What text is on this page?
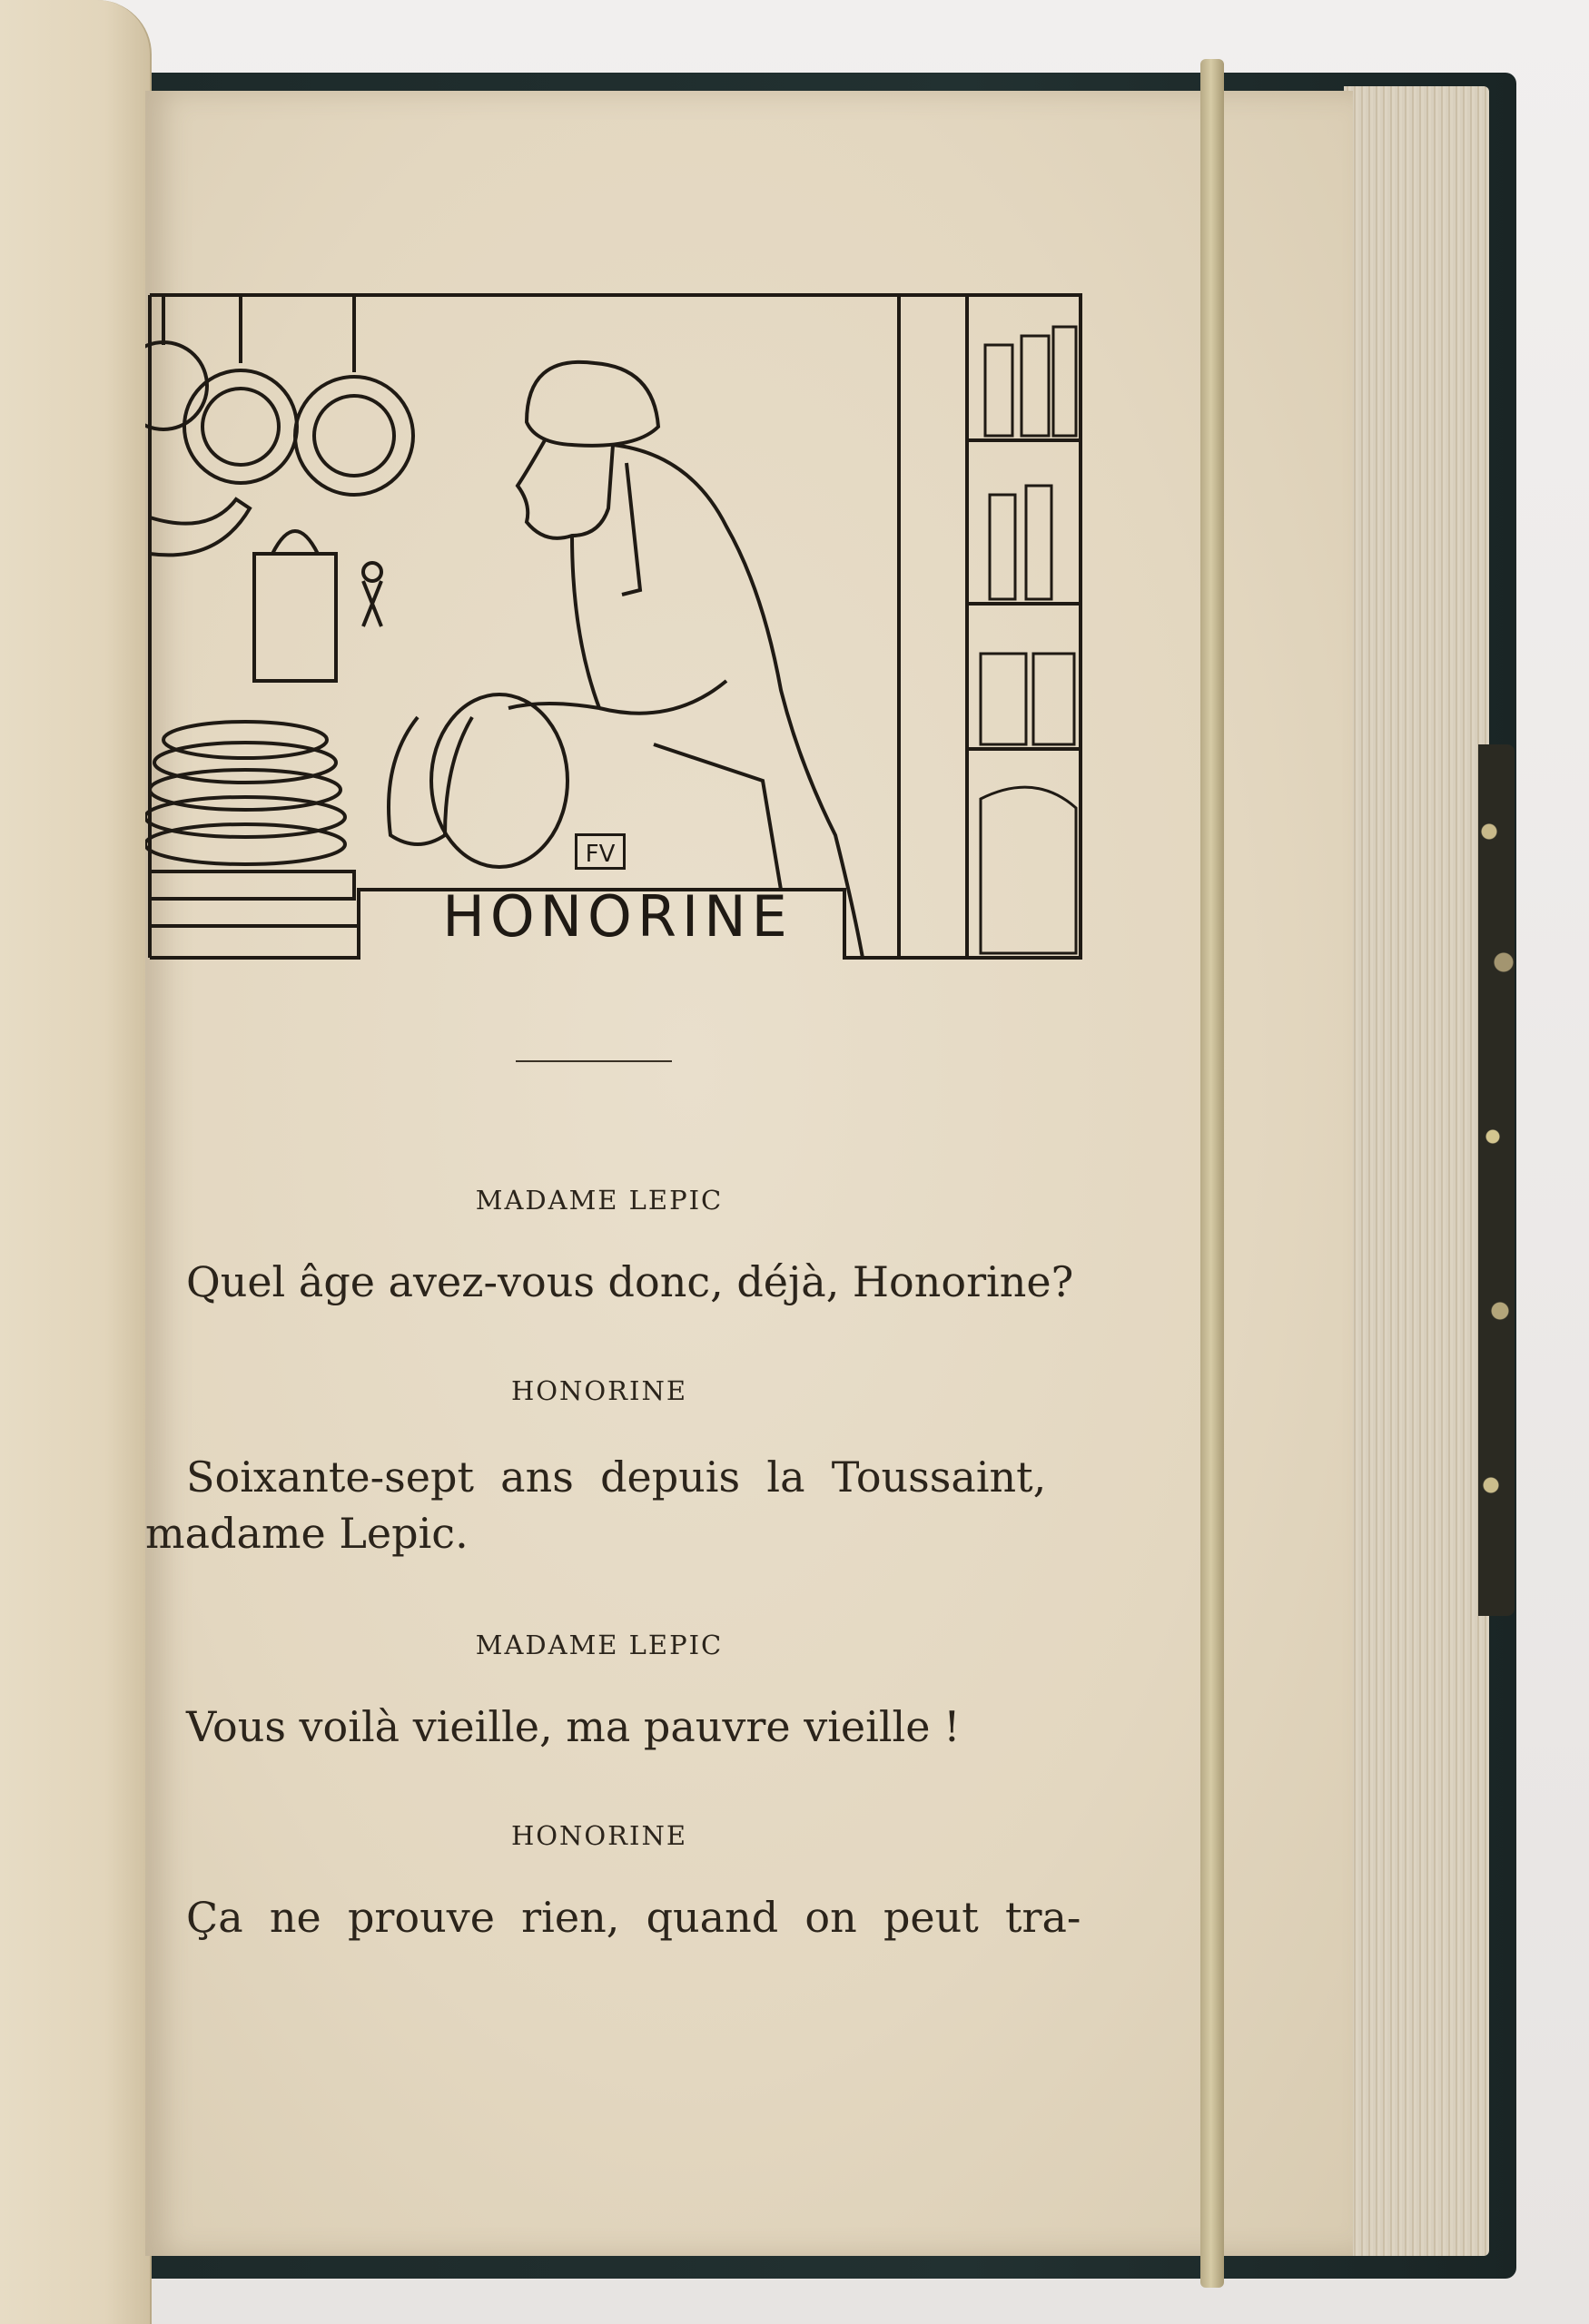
FV
HONORINE
MADAME LEPIC
Quel âge avez-vous donc, déjà, Honorine?
HONORINE
Soixante-sept  ans  depuis  la  Toussaint,
madame Lepic.
MADAME LEPIC
Vous voilà vieille, ma pauvre vieille !
HONORINE
Ça  ne  prouve  rien,  quand  on  peut  tra-
